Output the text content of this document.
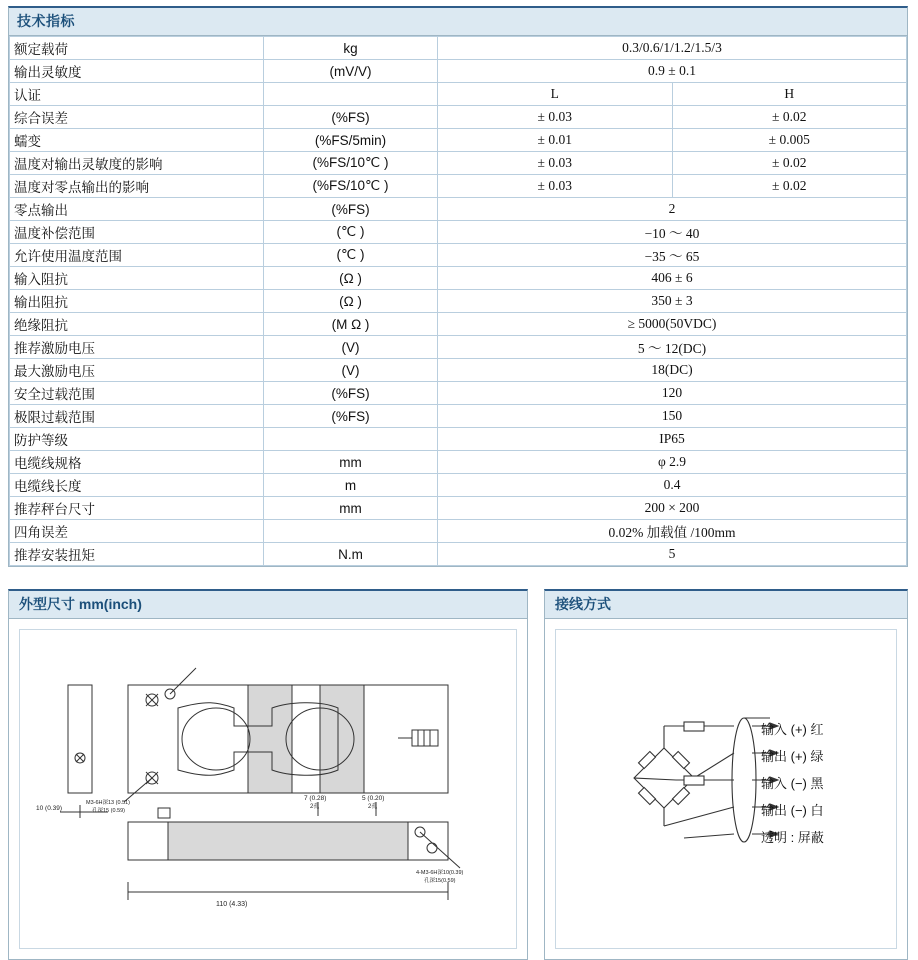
技术指标
额定载荷	kg	0.3/0.6/1/1.2/1.5/3	
输出灵敏度	(mV/V)	0.9 ± 0.1	
认证		L	H
综合误差	(%FS)	± 0.03	± 0.02
蠕变	(%FS/5min)	± 0.01	± 0.005
温度对输出灵敏度的影响	(%FS/10℃ )	± 0.03	± 0.02
温度对零点输出的影响	(%FS/10℃ )	± 0.03	± 0.02
零点输出	(%FS)	2	
温度补偿范围	(℃ )	−10 ～ 40	
允许使用温度范围	(℃ )	−35 ～ 65	
输入阻抗	(Ω )	406 ± 6	
输出阻抗	(Ω )	350 ± 3	
绝缘阻抗	(M Ω )	≥ 5000(50VDC)	
推荐激励电压	(V)	5 ～ 12(DC)	
最大激励电压	(V)	18(DC)	
安全过载范围	(%FS)	120	
极限过载范围	(%FS)	150	
防护等级		IP65	
电缆线规格	mm	φ 2.9	
电缆线长度	m	0.4	
推荐秤台尺寸	mm	200 × 200	
四角误差		0.02% 加载值 /100mm	
推荐安装扭矩	N.m	5	
外型尺寸 mm(inch)
M3-6H深13 (0.51)
孔深15 (0.59)
10 (0.39)
7 (0.28)
2孔
5 (0.20)
2孔
110 (4.33)
4-M3-6H深10(0.39)
孔深15(0.59)
接线方式
输入 (+) 红
输出 (+) 绿
输入 (−) 黑
输出 (−) 白
透明 : 屏蔽
